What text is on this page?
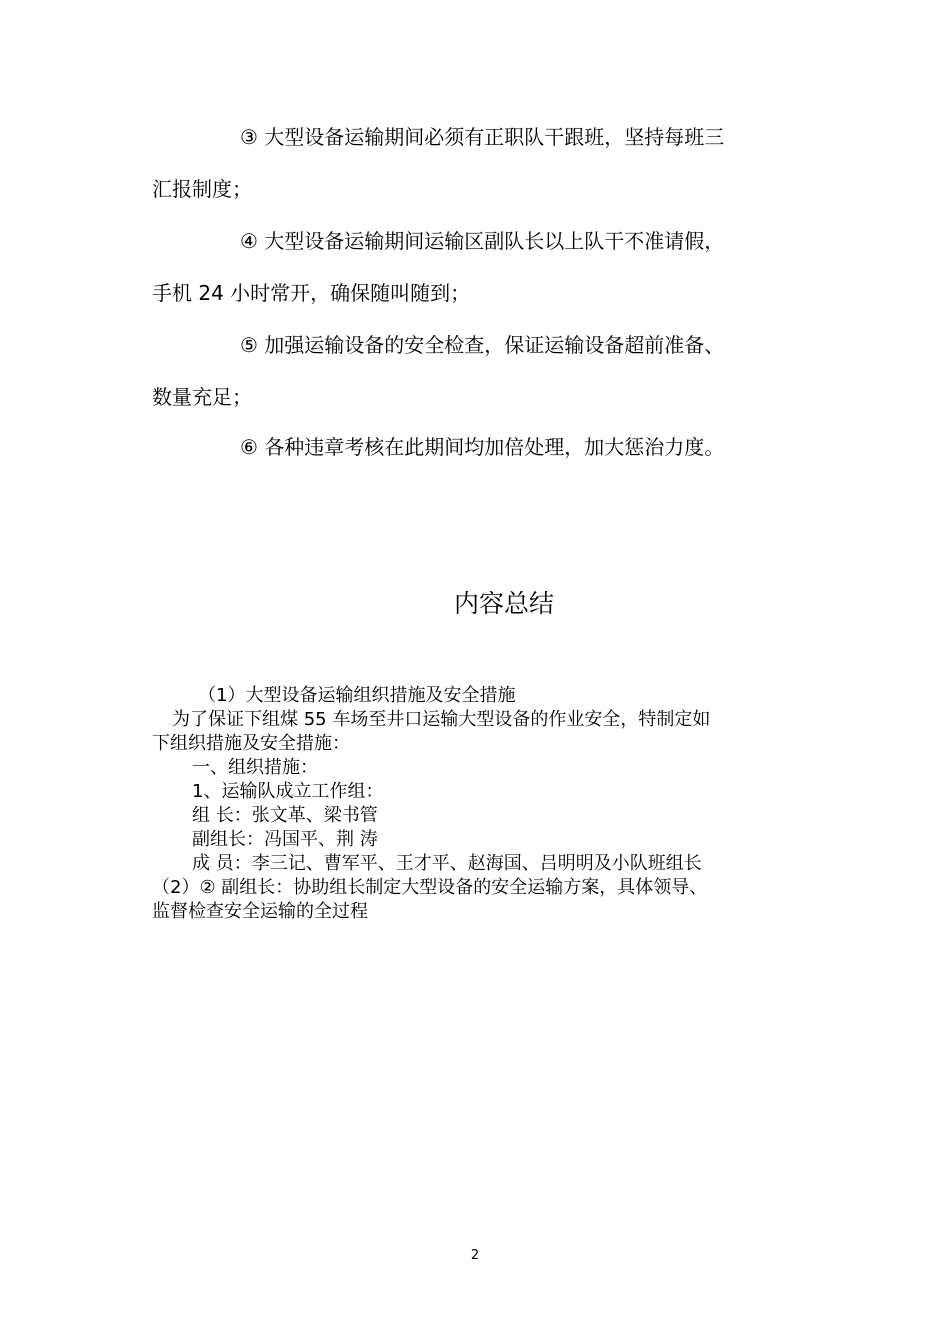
③ 大型设备运输期间必须有正职队干跟班，坚持每班三
汇报制度；
④ 大型设备运输期间运输区副队长以上队干不准请假，
手机 24 小时常开，确保随叫随到；
⑤ 加强运输设备的安全检查，保证运输设备超前准备、
数量充足；
⑥ 各种违章考核在此期间均加倍处理，加大惩治力度。
内容总结
（1）大型设备运输组织措施及安全措施
为了保证下组煤 55 车场至井口运输大型设备的作业安全，特制定如
下组织措施及安全措施：
一、组织措施：
1、运输队成立工作组：
组 长：张文革、梁书管
副组长：冯国平、荆 涛
成 员：李三记、曹军平、王才平、赵海国、吕明明及小队班组长
（2）② 副组长：协助组长制定大型设备的安全运输方案，具体领导、
监督检查安全运输的全过程
2
